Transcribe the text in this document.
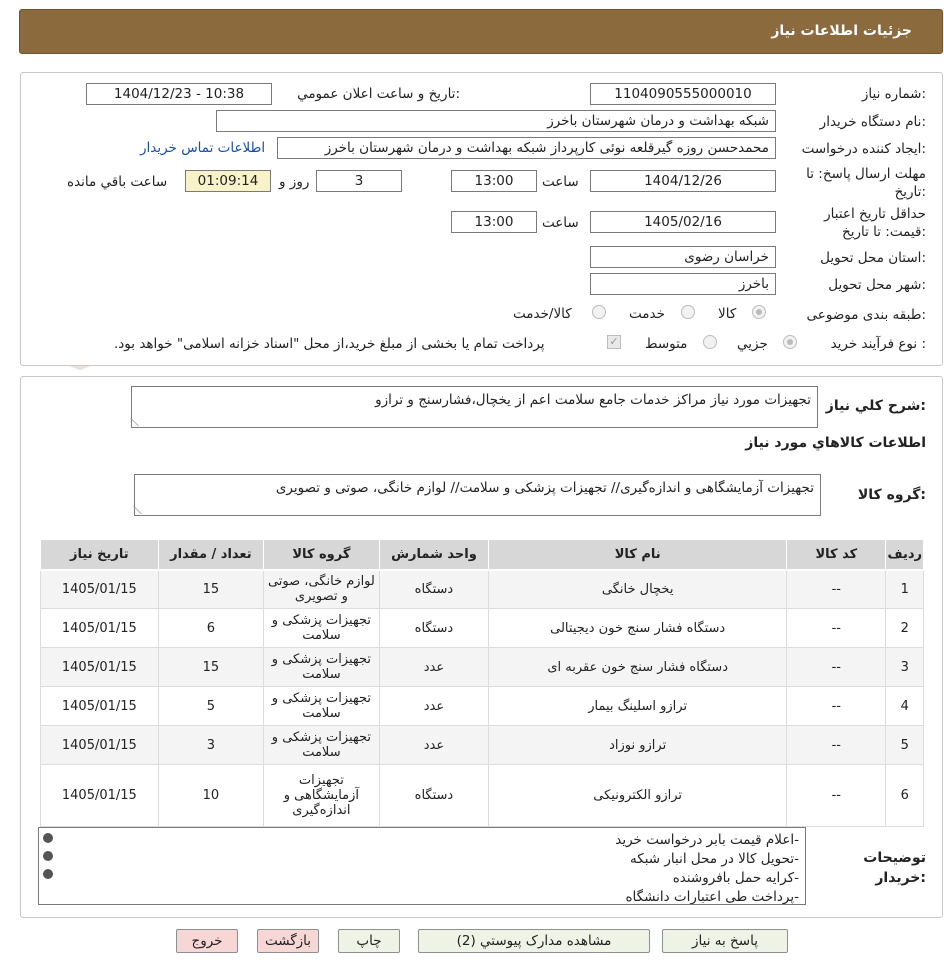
جزئيات اطلاعات نياز
شماره نياز:
1104090555000010
تاريخ و ساعت اعلان عمومي:
1404/12/23 - 10:38
نام دستگاه خريدار:
شبکه بهداشت و درمان شهرستان باخرز
ايجاد کننده درخواست:
محمدحسن روزه گیرقلعه نوئی کارپرداز شبکه بهداشت و درمان شهرستان باخرز
اطلاعات تماس خريدار
مهلت ارسال پاسخ: تا تاريخ:
1404/12/26
ساعت
13:00
3
روز و
01:09:14
ساعت باقي مانده
حداقل تاريخ اعتبار قيمت: تا تاريخ:
1405/02/16
ساعت
13:00
استان محل تحويل:
خراسان رضوی
شهر محل تحويل:
باخرز
طبقه بندی موضوعی:
کالا
خدمت
کالا/خدمت
نوع فرآيند خريد :
جزيي
متوسط
✓
پرداخت تمام يا بخشی از مبلغ خريد،از محل "اسناد خزانه اسلامی" خواهد بود.
شرح کلي نياز:
تجهیزات مورد نیاز مراکز خدمات جامع سلامت اعم از یخچال،فشارسنج و ترازو
اطلاعات کالاهاي مورد نياز
گروه کالا:
تجهیزات آزمایشگاهی و اندازه‌گیری// تجهیزات پزشکی و سلامت// لوازم خانگی، صوتی و تصویری
رديف	کد کالا	نام کالا	واحد شمارش	گروه کالا	تعداد / مقدار	تاريخ نياز
1	--	یخچال خانگی	دستگاه	لوازم خانگی، صوتی و تصویری	15	1405/01/15
2	--	دستگاه فشار سنج خون دیجیتالی	دستگاه	تجهیزات پزشکی و سلامت	6	1405/01/15
3	--	دستگاه فشار سنج خون عقربه ای	عدد	تجهیزات پزشکی و سلامت	15	1405/01/15
4	--	ترازو اسلینگ بیمار	عدد	تجهیزات پزشکی و سلامت	5	1405/01/15
5	--	ترازو نوزاد	عدد	تجهیزات پزشکی و سلامت	3	1405/01/15
6	--	ترازو الکترونیکی	دستگاه	تجهیزات آزمایشگاهی و اندازه‌گیری	10	1405/01/15
توضيحات خريدار:
-اعلام قیمت بابر درخواست خرید
-تحویل کالا در محل انبار شبکه
-کرایه حمل بافروشنده
-پرداخت طی اعتبارات دانشگاه
پاسخ به نياز
مشاهده مدارک پيوستي (2)
چاپ
بازگشت
خروج
